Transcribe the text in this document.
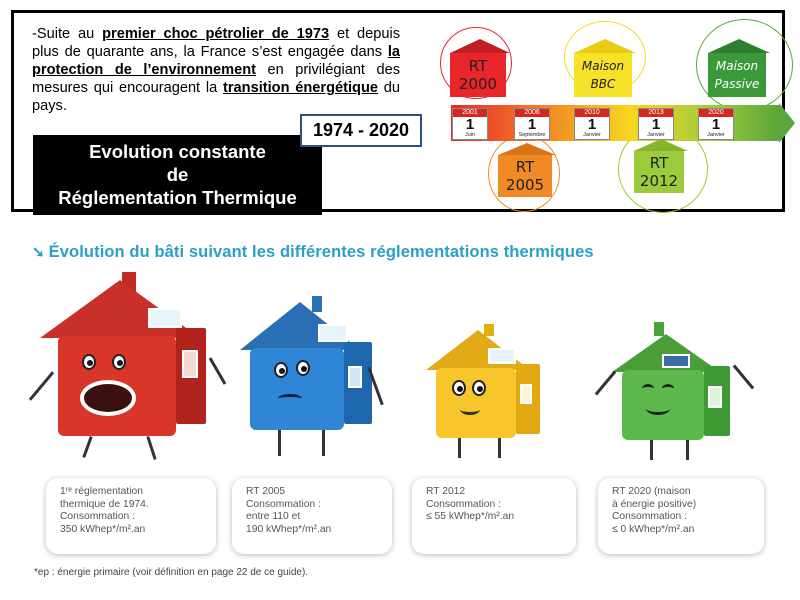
-Suite au premier choc pétrolier de 1973 et depuis plus de quarante ans, la France s’est engagée dans la protection de l’environnement en privilégiant des mesures qui encouragent la transition énergétique du pays.
Evolution constante
de
Réglementation Thermique
1974 - 2020
RT
2000
Maison
BBC
Maison
Passive
2001
1
Juin
2006
1
Septembre
2010
1
Janvier
2013
1
Janvier
2020
1
Janvier
RT
2005
RT
2012
➘ Évolution du bâti suivant les différentes réglementations thermiques
1ʳᵉ réglementation
thermique de 1974.
Consommation :
350 kWhep*/m².an
RT 2005
Consommation :
entre 110 et
190 kWhep*/m².an
RT 2012
Consommation :
≤ 55 kWhep*/m².an
RT 2020 (maison
à énergie positive)
Consommation :
≤ 0 kWhep*/m².an
*ep : énergie primaire (voir définition en page 22 de ce guide).
